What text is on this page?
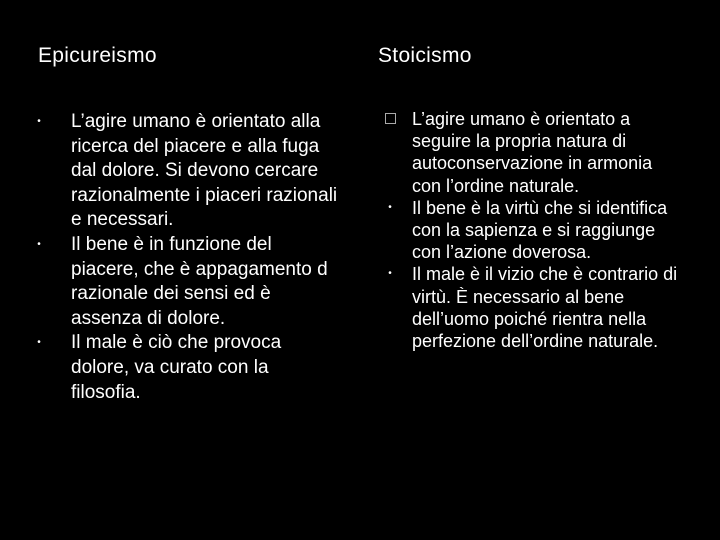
Epicureismo	Stoicismo
•	L’agire umano è orientato alla ricerca del piacere e alla fuga dal dolore. Si devono cercare razionalmente i piaceri razionali e necessari.
•	Il bene è in funzione del piacere, che è appagamento d razionale dei sensi ed è assenza di dolore.
•	Il male è ciò che provoca dolore, va curato con la filosofia.
L’agire umano è orientato a seguire la propria natura di autoconservazione in armonia con l’ordine naturale.
•	Il bene è la virtù che si identifica con la sapienza e si raggiunge con l’azione doverosa.
•	Il male è il vizio che è contrario di virtù. È necessario al bene dell’uomo poiché rientra nella perfezione dell’ordine naturale.
